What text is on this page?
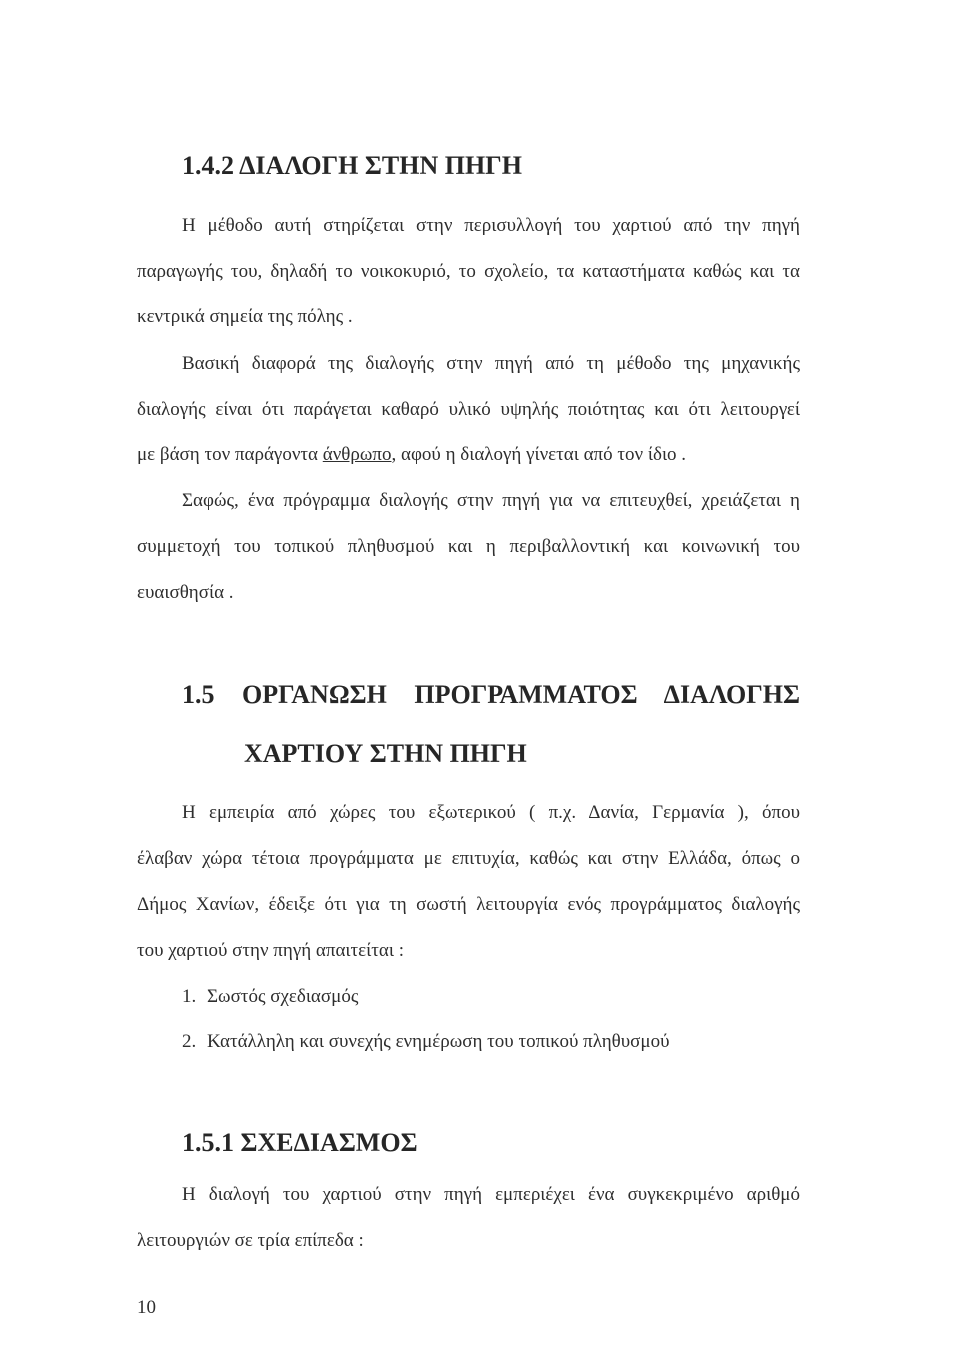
1.4.2 ΔΙΑΛΟΓΗ ΣΤΗΝ ΠΗΓΗ
Η μέθοδο αυτή στηρίζεται στην περισυλλογή του χαρτιού από την πηγή
παραγωγής του, δηλαδή το νοικοκυριό, το σχολείο, τα καταστήματα καθώς και τα
κεντρικά σημεία της πόλης .
Βασική διαφορά της διαλογής στην πηγή από τη μέθοδο της μηχανικής
διαλογής είναι ότι παράγεται καθαρό υλικό υψηλής ποιότητας και ότι λειτουργεί
με βάση τον παράγοντα άνθρωπο, αφού η διαλογή γίνεται από τον ίδιο .
Σαφώς, ένα πρόγραμμα διαλογής στην πηγή για να επιτευχθεί, χρειάζεται η
συμμετοχή του τοπικού πληθυσμού και η περιβαλλοντική και κοινωνική του
ευαισθησία .
1.5 ΟΡΓΑΝΩΣΗ ΠΡΟΓΡΑΜΜΑΤΟΣ ΔΙΑΛΟΓΗΣ
ΧΑΡΤΙΟΥ ΣΤΗΝ ΠΗΓΗ
Η εμπειρία από χώρες του εξωτερικού ( π.χ. Δανία, Γερμανία ), όπου
έλαβαν χώρα τέτοια προγράμματα με επιτυχία, καθώς και στην Ελλάδα, όπως ο
Δήμος Χανίων, έδειξε ότι για τη σωστή λειτουργία ενός προγράμματος διαλογής
του χαρτιού στην πηγή απαιτείται :
1. Σωστός σχεδιασμός
2. Κατάλληλη και συνεχής ενημέρωση του τοπικού πληθυσμού
1.5.1 ΣΧΕΔΙΑΣΜΟΣ
Η διαλογή του χαρτιού στην πηγή εμπεριέχει ένα συγκεκριμένο αριθμό
λειτουργιών σε τρία επίπεδα :
10
